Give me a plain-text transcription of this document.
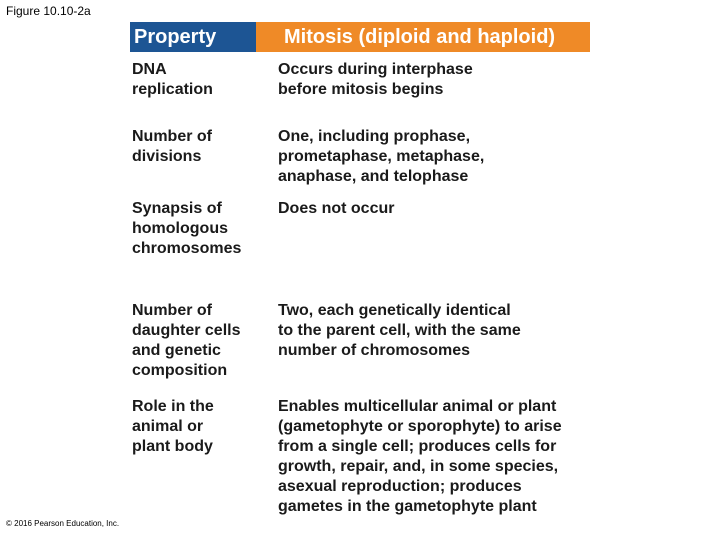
Figure 10.10-2a
Property	Mitosis (diploid and haploid)

DNA
replication

Occurs during interphase
before mitosis begins

Number of
divisions

One, including prophase,
prometaphase, metaphase,
anaphase, and telophase

Synapsis of
homologous
chromosomes

Does not occur

Number of
daughter cells
and genetic
composition

Two, each genetically identical
to the parent cell, with the same
number of chromosomes

Role in the
animal or
plant body

Enables multicellular animal or plant
(gametophyte or sporophyte) to arise
from a single cell; produces cells for
growth, repair, and, in some species,
asexual reproduction; produces
gametes in the gametophyte plant

© 2016 Pearson Education, Inc.
